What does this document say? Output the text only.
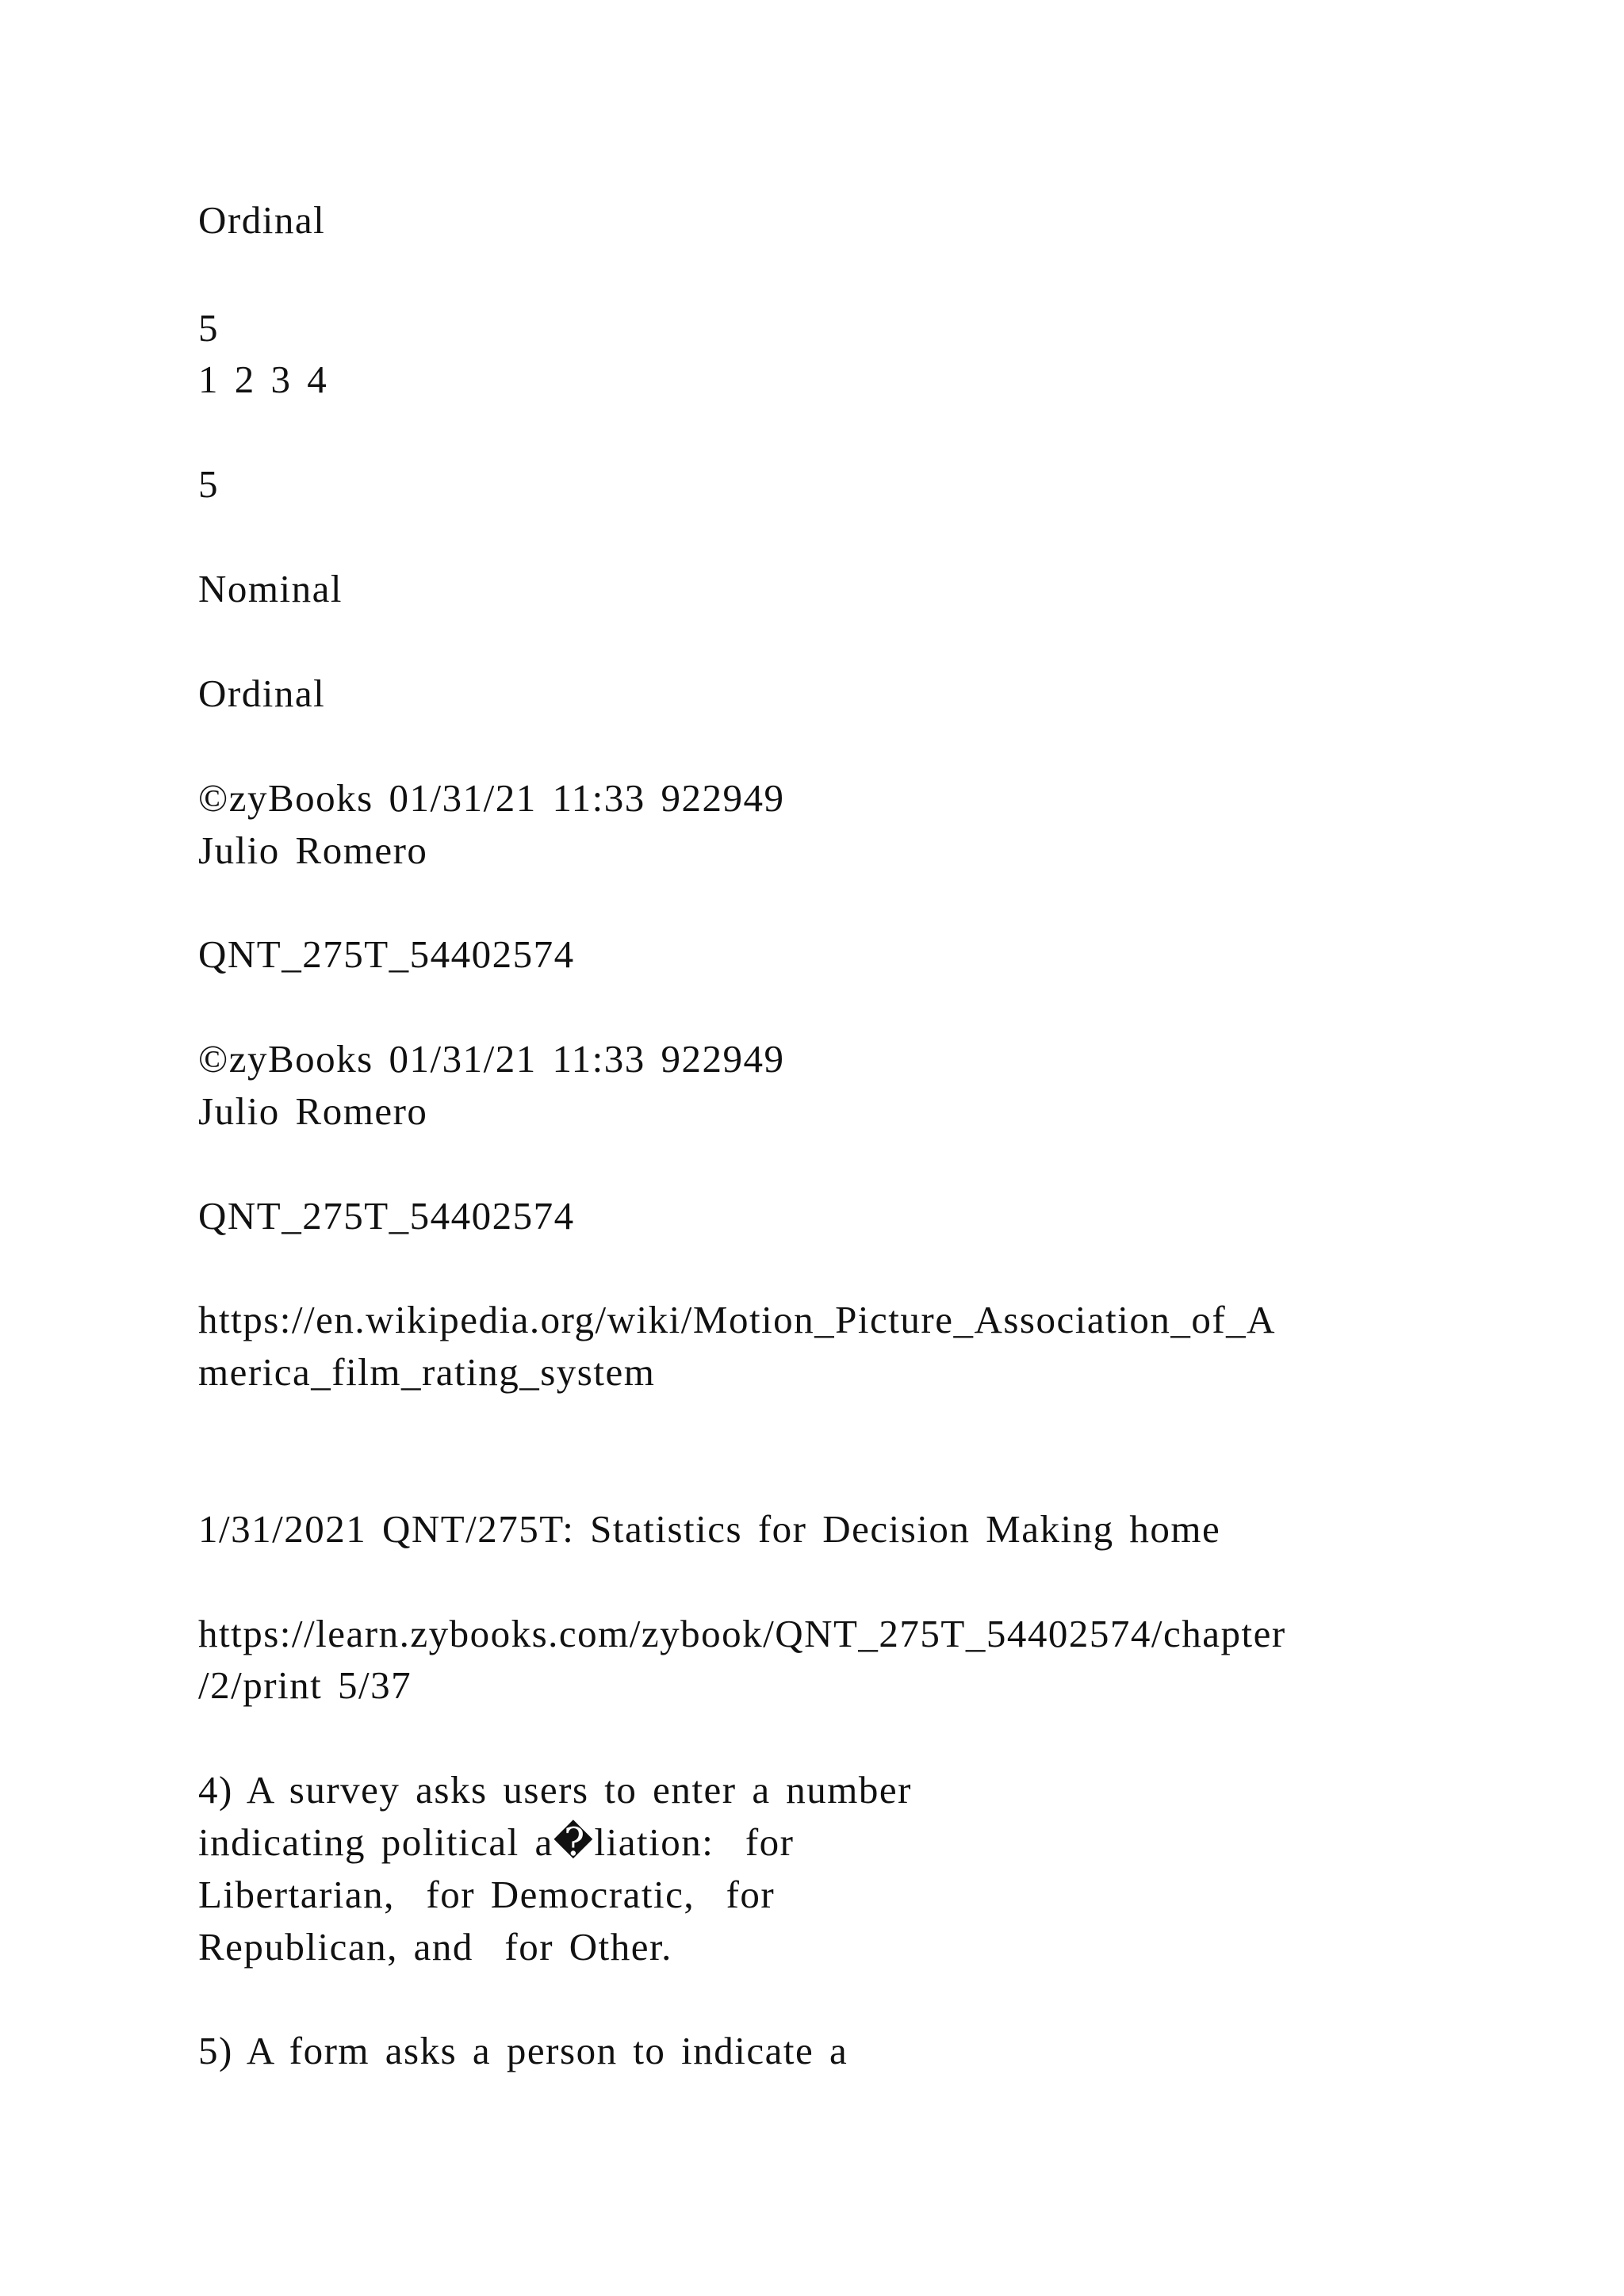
Ordinal
5
1 2 3 4
5
Nominal
Ordinal
©zyBooks 01/31/21 11:33 922949
Julio Romero
QNT_275T_54402574
©zyBooks 01/31/21 11:33 922949
Julio Romero
QNT_275T_54402574
https://en.wikipedia.org/wiki/Motion_Picture_Association_of_A
merica_film_rating_system
1/31/2021 QNT/275T: Statistics for Decision Making home
https://learn.zybooks.com/zybook/QNT_275T_54402574/chapter
/2/print 5/37
4) A survey asks users to enter a number
indicating political a�liation:  for
Libertarian,  for Democratic,  for
Republican, and  for Other.
5) A form asks a person to indicate a
